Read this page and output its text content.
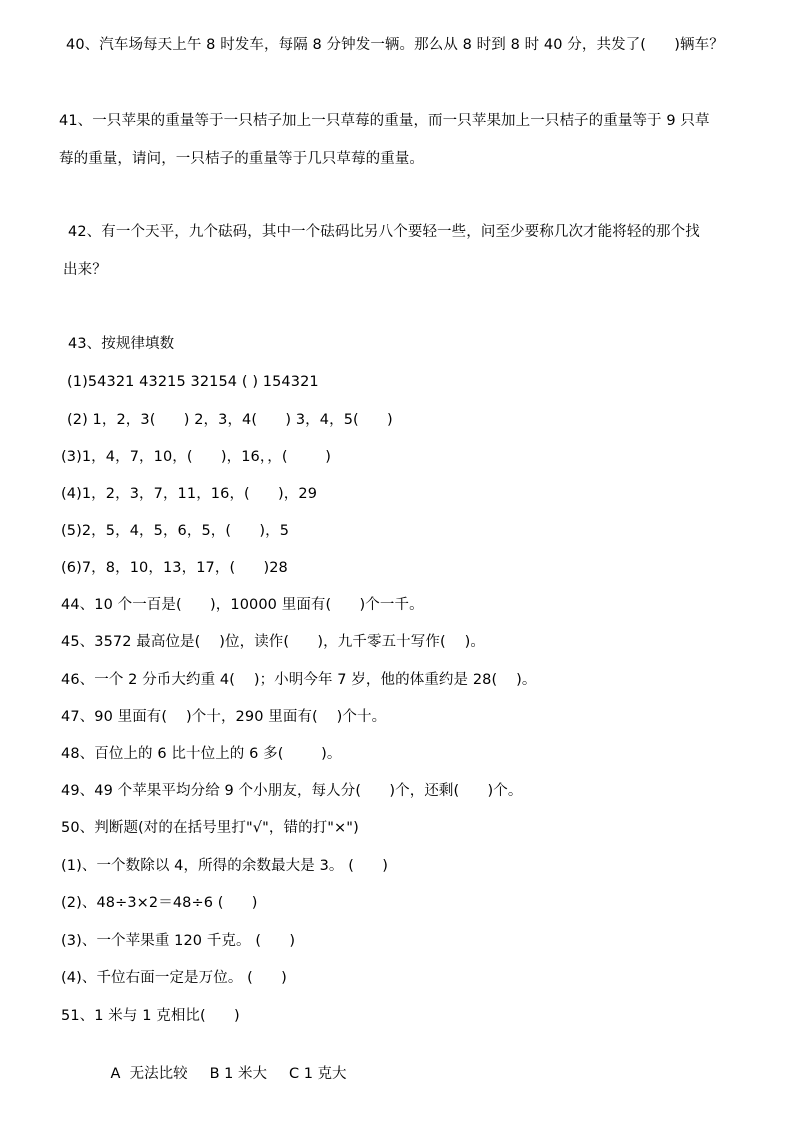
40、汽车场每天上午 8 时发车，每隔 8 分钟发一辆。那么从 8 时到 8 时 40 分，共发了(      )辆车？
41、一只苹果的重量等于一只桔子加上一只草莓的重量，而一只苹果加上一只桔子的重量等于 9 只草
莓的重量，请问，一只桔子的重量等于几只草莓的重量。
42、有一个天平，九个砝码，其中一个砝码比另八个要轻一些，问至少要称几次才能将轻的那个找
出来？
43、按规律填数
(1)54321 43215 32154 ( ) 154321
(2) 1，2，3(      ) 2，3，4(      ) 3，4，5(      )
(3)1，4，7，10，(      )，16，，(        )
(4)1，2，3，7，11，16，(      )，29
(5)2，5，4，5，6，5，(      )，5
(6)7，8，10，13，17，(      )28
44、10 个一百是(      )，10000 里面有(      )个一千。
45、3572 最高位是(    )位，读作(      )，九千零五十写作(    )。
46、一个 2 分币大约重 4(    )；小明今年 7 岁，他的体重约是 28(    )。
47、90 里面有(    )个十，290 里面有(    )个十。
48、百位上的 6 比十位上的 6 多(        )。
49、49 个苹果平均分给 9 个小朋友，每人分(      )个，还剩(      )个。
50、判断题(对的在括号里打"√"，错的打"×")
(1)、一个数除以 4，所得的余数最大是 3。 (      )
(2)、48÷3×2＝48÷6 (      )
(3)、一个苹果重 120 千克。 (      )
(4)、千位右面一定是万位。 (      )
51、1 米与 1 克相比(      )

A  无法比较 B 1 米大 C 1 克大
